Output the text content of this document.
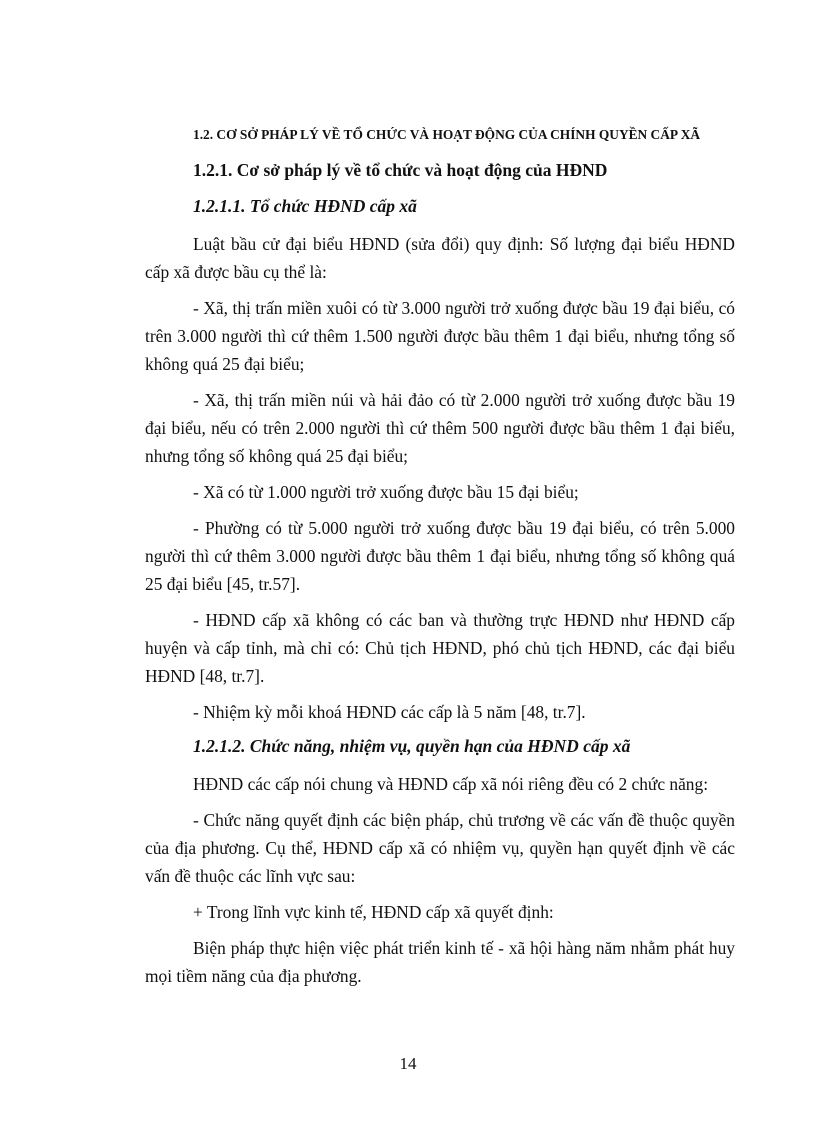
1.2. CƠ SỞ PHÁP LÝ VỀ TỔ CHỨC VÀ HOẠT ĐỘNG CỦA CHÍNH QUYỀN CẤP XÃ
1.2.1. Cơ sở pháp lý về tổ chức và hoạt động của HĐND
1.2.1.1. Tổ chức HĐND cấp xã

Luật bầu cử đại biểu HĐND (sửa đổi) quy định: Số lượng đại biểu HĐND cấp xã được bầu cụ thể là:

- Xã, thị trấn miền xuôi có từ 3.000 người trở xuống được bầu 19 đại biểu, có trên 3.000 người thì cứ thêm 1.500 người được bầu thêm 1 đại biểu, nhưng tổng số không quá 25 đại biểu;

- Xã, thị trấn miền núi và hải đảo có từ 2.000 người trở xuống được bầu 19 đại biểu, nếu có trên 2.000 người thì cứ thêm 500 người được bầu thêm 1 đại biểu, nhưng tổng số không quá 25 đại biểu;

- Xã có từ 1.000 người trở xuống được bầu 15 đại biểu;

- Phường có từ 5.000 người trở xuống được bầu 19 đại biểu, có trên 5.000 người thì cứ thêm 3.000 người được bầu thêm 1 đại biểu, nhưng tổng số không quá 25 đại biểu [45, tr.57].

- HĐND cấp xã không có các ban và thường trực HĐND như HĐND cấp huyện và cấp tỉnh, mà chỉ có: Chủ tịch HĐND, phó chủ tịch HĐND, các đại biểu HĐND [48, tr.7].

- Nhiệm kỳ mỗi khoá HĐND các cấp là 5 năm [48, tr.7].

1.2.1.2. Chức năng, nhiệm vụ, quyền hạn của HĐND cấp xã

HĐND các cấp nói chung và HĐND cấp xã nói riêng đều có 2 chức năng:

- Chức năng quyết định các biện pháp, chủ trương về các vấn đề thuộc quyền của địa phương. Cụ thể, HĐND cấp xã có nhiệm vụ, quyền hạn quyết định về các vấn đề thuộc các lĩnh vực sau:

+ Trong lĩnh vực kinh tế, HĐND cấp xã quyết định:

Biện pháp thực hiện việc phát triển kinh tế - xã hội hàng năm nhằm phát huy mọi tiềm năng của địa phương.

14
